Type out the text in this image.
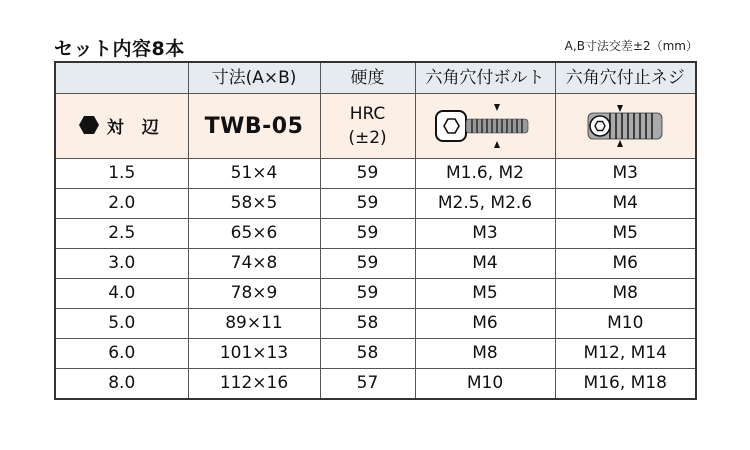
セット内容8本	A,B寸法交差±2（mm）
	寸法(A×B)	硬度	六角穴付ボルト	六角穴付止ネジ
対 辺	TWB-05	HRC
(±2)

1.5	51×4	59	M1.6, M2	M3
2.0	58×5	59	M2.5, M2.6	M4
2.5	65×6	59	M3	M5
3.0	74×8	59	M4	M6
4.0	78×9	59	M5	M8
5.0	89×11	58	M6	M10
6.0	101×13	58	M8	M12, M14
8.0	112×16	57	M10	M16, M18
